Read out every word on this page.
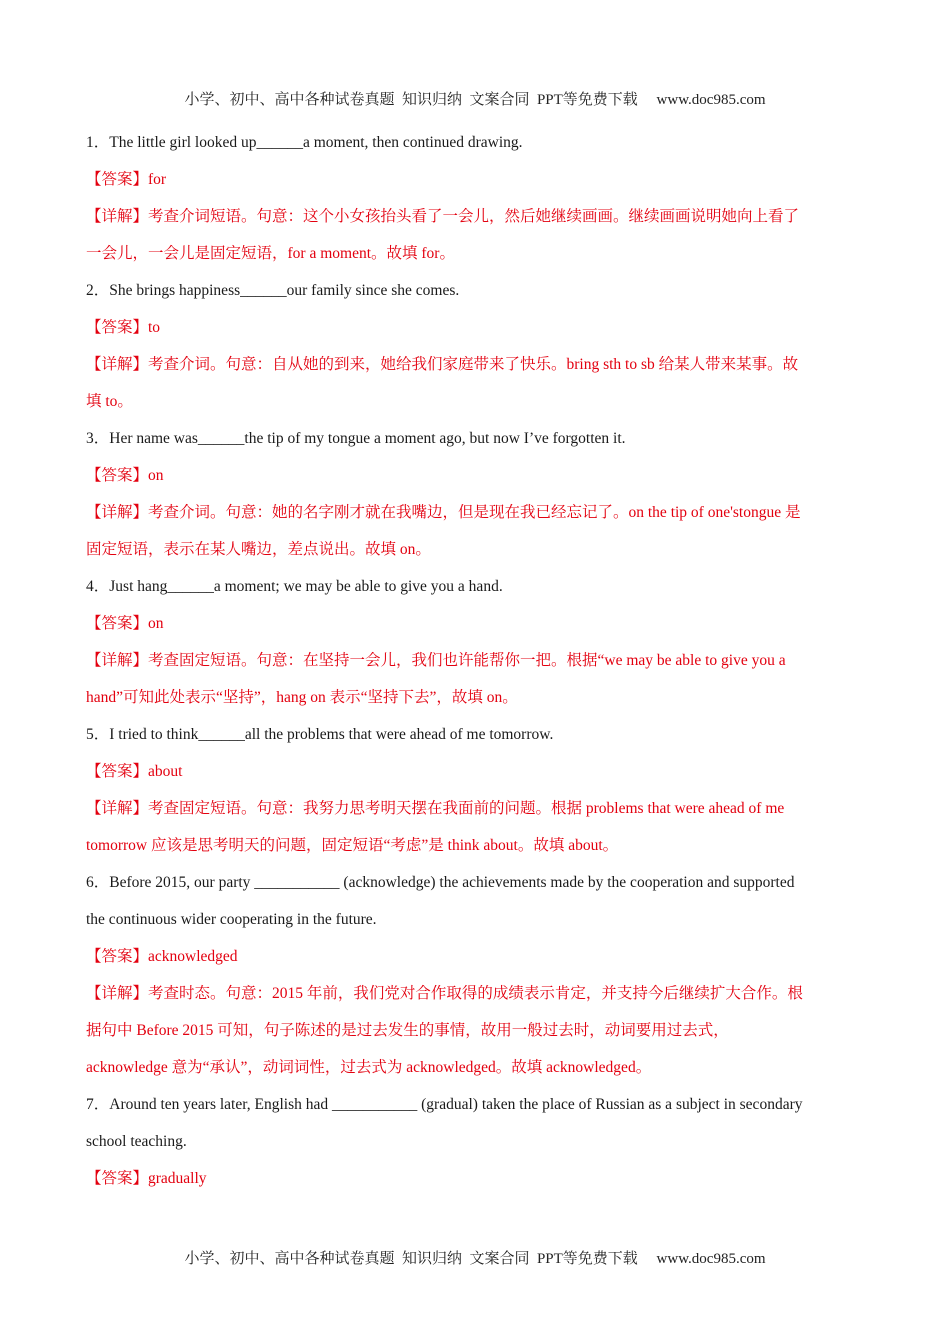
小学、初中、高中各种试卷真题  知识归纳  文案合同  PPT等免费下载     www.doc985.com
1．The little girl looked up______a moment, then continued drawing.
【答案】for
【详解】考查介词短语。句意：这个小女孩抬头看了一会儿，然后她继续画画。继续画画说明她向上看了
一会儿，一会儿是固定短语，for a moment。故填 for。
2．She brings happiness______our family since she comes.
【答案】to
【详解】考查介词。句意：自从她的到来，她给我们家庭带来了快乐。bring sth to sb 给某人带来某事。故
填 to。
3．Her name was______the tip of my tongue a moment ago, but now I’ve forgotten it.
【答案】on
【详解】考查介词。句意：她的名字刚才就在我嘴边，但是现在我已经忘记了。on the tip of one'stongue 是
固定短语，表示在某人嘴边，差点说出。故填 on。
4．Just hang______a moment; we may be able to give you a hand.
【答案】on
【详解】考查固定短语。句意：在坚持一会儿，我们也许能帮你一把。根据“we may be able to give you a
hand”可知此处表示“坚持”，hang on 表示“坚持下去”，故填 on。
5．I tried to think______all the problems that were ahead of me tomorrow.
【答案】about
【详解】考查固定短语。句意：我努力思考明天摆在我面前的问题。根据 problems that were ahead of me
tomorrow 应该是思考明天的问题，固定短语“考虑”是 think about。故填 about。
6．Before 2015, our party ___________ (acknowledge) the achievements made by the cooperation and supported
the continuous wider cooperating in the future.
【答案】acknowledged
【详解】考查时态。句意：2015 年前，我们党对合作取得的成绩表示肯定，并支持今后继续扩大合作。根
据句中 Before 2015 可知，句子陈述的是过去发生的事情，故用一般过去时，动词要用过去式，
acknowledge 意为“承认”，动词词性，过去式为 acknowledged。故填 acknowledged。
7．Around ten years later, English had ___________ (gradual) taken the place of Russian as a subject in secondary
school teaching.
【答案】gradually
小学、初中、高中各种试卷真题  知识归纳  文案合同  PPT等免费下载     www.doc985.com
